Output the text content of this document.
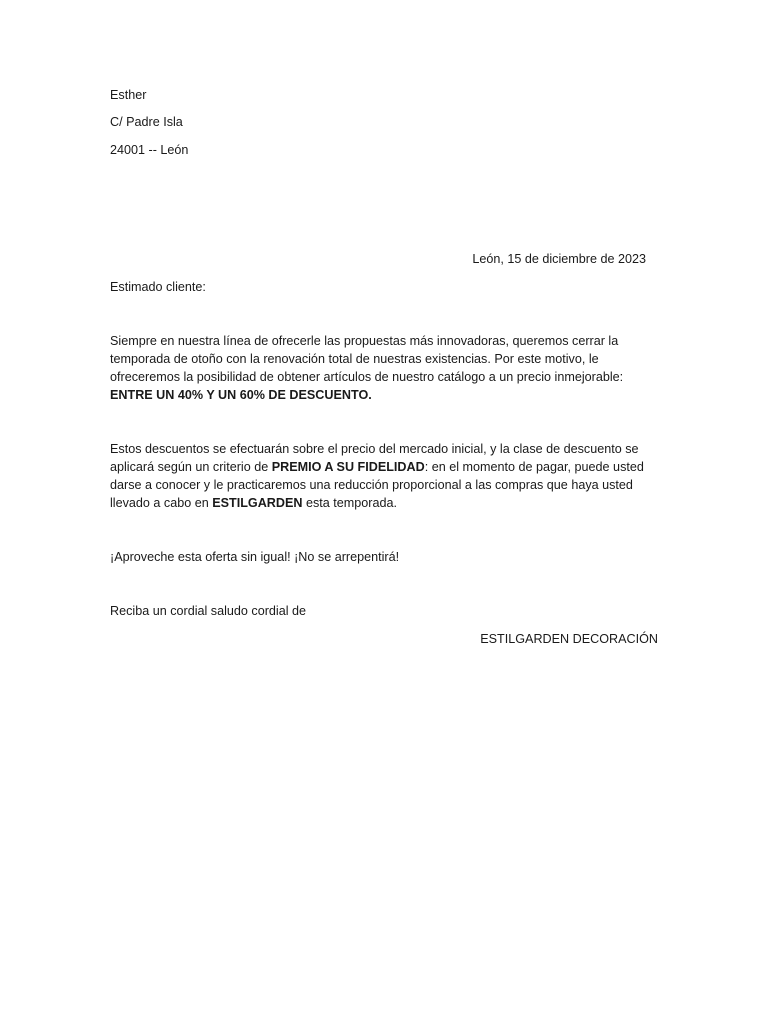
Esther

C/ Padre Isla

24001 -- León

León, 15 de diciembre de 2023

Estimado cliente:

Siempre en nuestra línea de ofrecerle las propuestas más innovadoras, queremos cerrar la

temporada de otoño con la renovación total de nuestras existencias. Por este motivo, le

ofreceremos la posibilidad de obtener artículos de nuestro catálogo a un precio inmejorable:

ENTRE UN 40% Y UN 60% DE DESCUENTO.

Estos descuentos se efectuarán sobre el precio del mercado inicial, y la clase de descuento se

aplicará según un criterio de PREMIO A SU FIDELIDAD: en el momento de pagar, puede usted

darse a conocer y le practicaremos una reducción proporcional a las compras que haya usted

llevado a cabo en ESTILGARDEN esta temporada.

¡Aproveche esta oferta sin igual! ¡No se arrepentirá!

Reciba un cordial saludo cordial de

ESTILGARDEN DECORACIÓN
